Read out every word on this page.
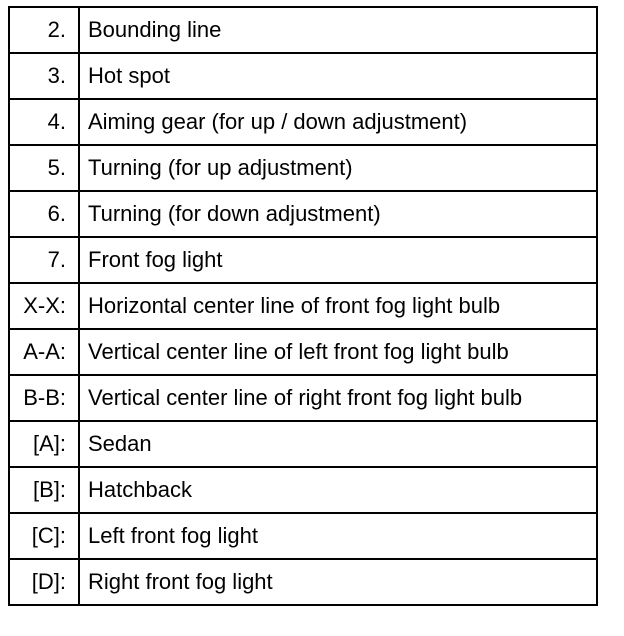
2.	Bounding line
3.	Hot spot
4.	Aiming gear (for up / down adjustment)
5.	Turning (for up adjustment)
6.	Turning (for down adjustment)
7.	Front fog light
X-X:	Horizontal center line of front fog light bulb
A-A:	Vertical center line of left front fog light bulb
B-B:	Vertical center line of right front fog light bulb
[A]:	Sedan
[B]:	Hatchback
[C]:	Left front fog light
[D]:	Right front fog light
